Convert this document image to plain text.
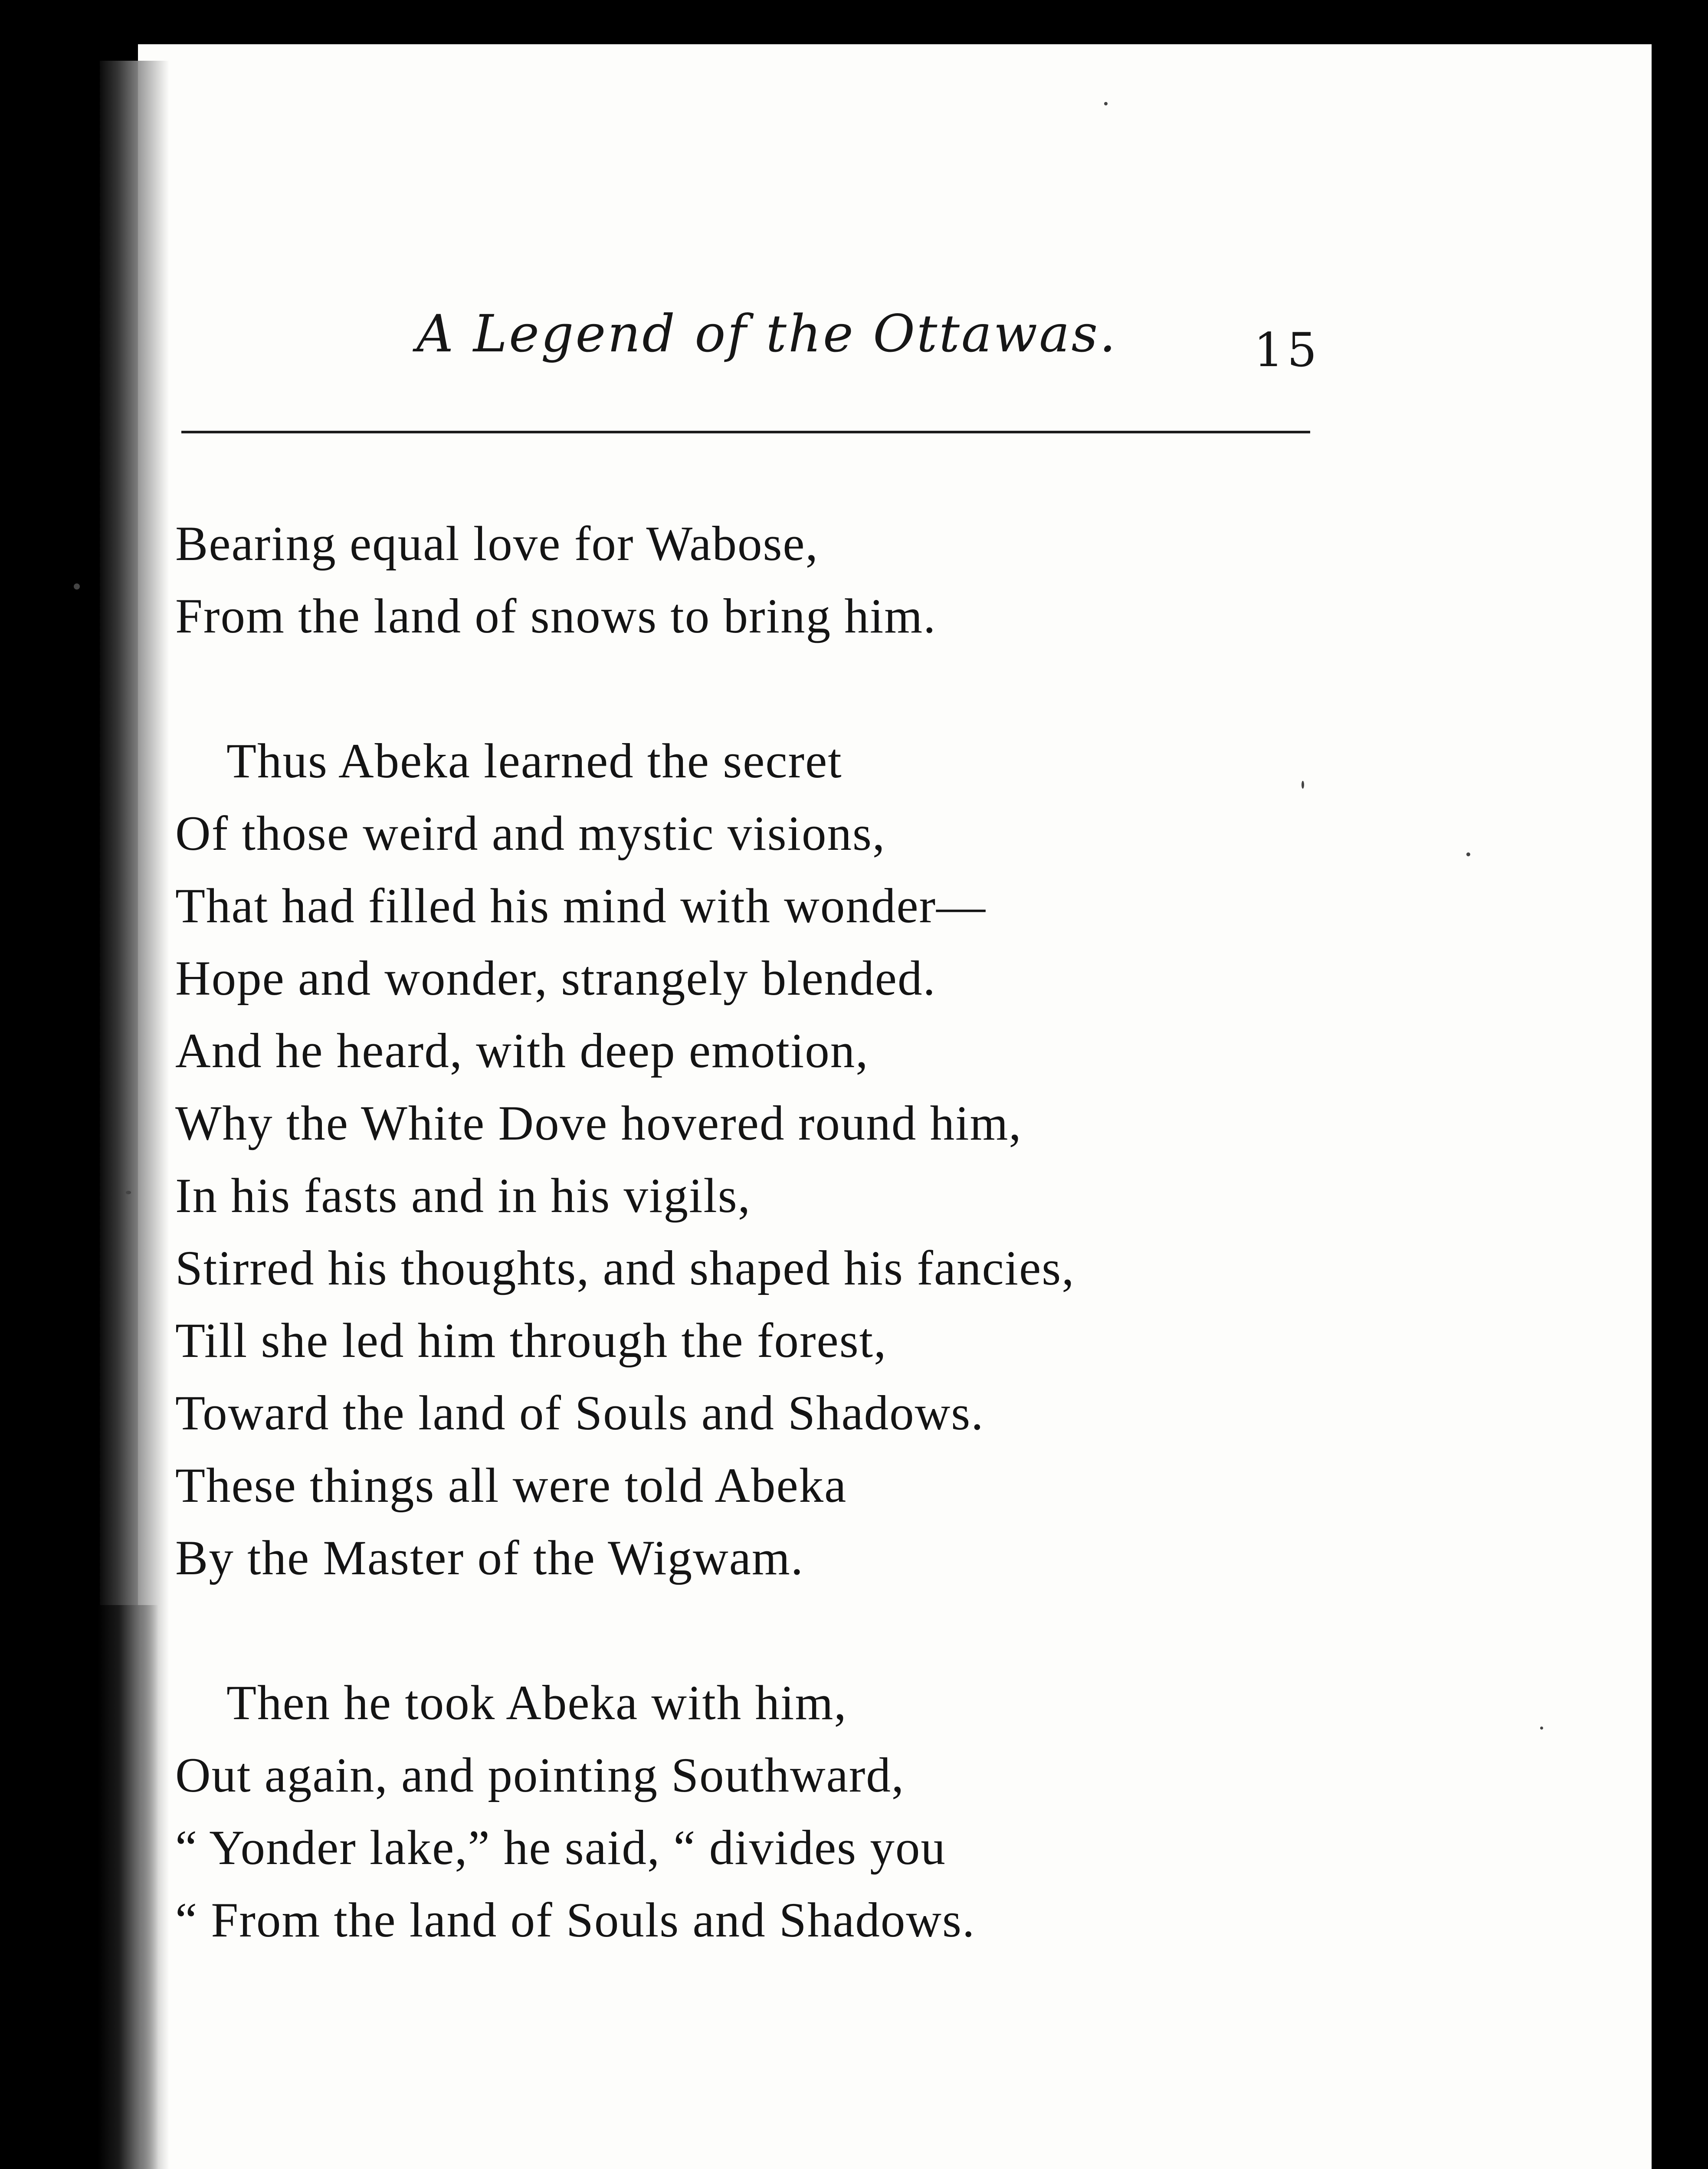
A Legend of the Ottawas.	15
Bearing equal love for Wabose,
From the land of snows to bring him.
Thus Abeka learned the secret
Of those weird and mystic visions,
That had filled his mind with wonder—
Hope and wonder, strangely blended.
And he heard, with deep emotion,
Why the White Dove hovered round him,
In his fasts and in his vigils,
Stirred his thoughts, and shaped his fancies,
Till she led him through the forest,
Toward the land of Souls and Shadows.
These things all were told Abeka
By the Master of the Wigwam.
Then he took Abeka with him,
Out again, and pointing Southward,
“ Yonder lake,” he said, “ divides you
“ From the land of Souls and Shadows.
